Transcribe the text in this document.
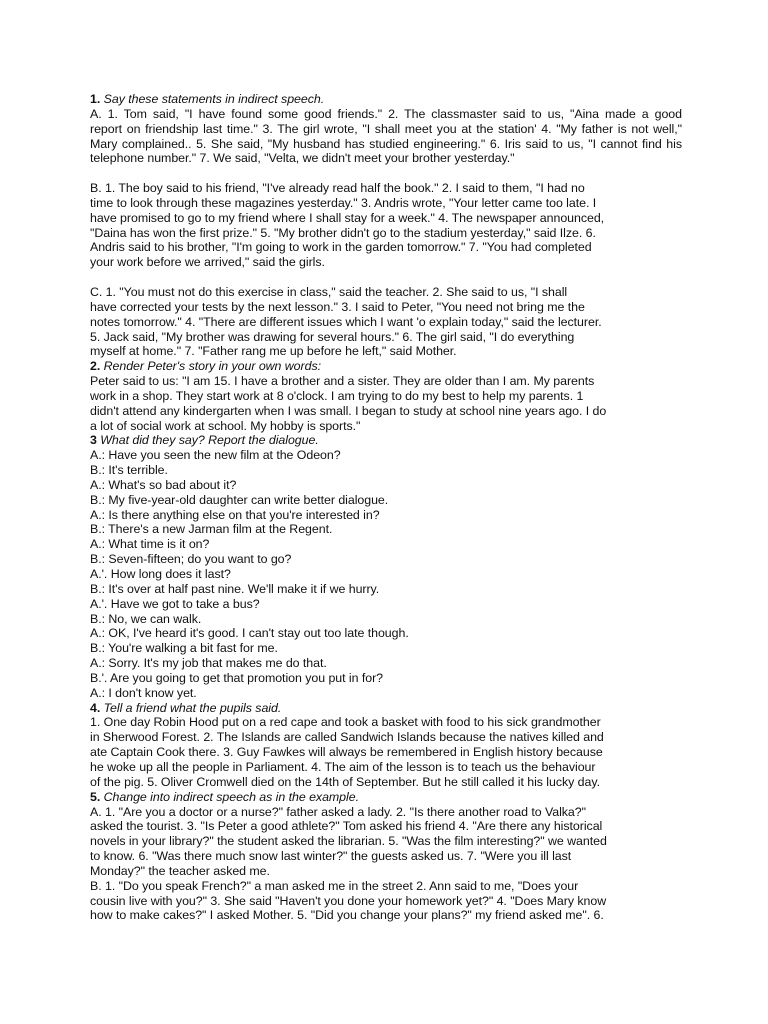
1. Say these statements in indirect speech.
A. 1. Tom said, "I have found some good friends." 2. The classmaster said to us, "Aina made a good
report on friendship last time." 3. The girl wrote, "I shall meet you at the station' 4. "My father is not well,"
Mary complained.. 5. She said, "My husband has studied engineering." 6. Iris said to us, "I cannot find his
telephone number." 7. We said, "Velta, we didn't meet your brother yesterday."
B. 1. The boy said to his friend, "I've already read half the book." 2. I said to them, "I had no
time to look through these magazines yesterday." 3. Andris wrote, "Your letter came too late. I
have promised to go to my friend where I shall stay for a week." 4. The newspaper announced,
"Daina has won the first prize." 5. "My brother didn't go to the stadium yesterday," said Ilze. 6.
Andris said to his brother, "I'm going to work in the garden tomorrow." 7. "You had completed
your work before we arrived," said the girls.
C. 1. "You must not do this exercise in class," said the teacher. 2. She said to us, "I shall
have corrected your tests by the next lesson." 3. I said to Peter, "You need not bring me the
notes tomorrow." 4. "There are different issues which I want 'o explain today," said the lecturer.
5. Jack said, "My brother was drawing for several hours." 6. The girl said, "I do everything
myself at home." 7. "Father rang me up before he left," said Mother.
2. Render Peter's story in your own words:
Peter said to us: "I am 15. I have a brother and a sister. They are older than I am. My parents
work in a shop. They start work at 8 o'clock. I am trying to do my best to help my parents. 1
didn't attend any kindergarten when I was small. I began to study at school nine years ago. I do
a lot of social work at school. My hobby is sports."
3 What did they say? Report the dialogue.
A.: Have you seen the new film at the Odeon?
B.: It's terrible.
A.: What's so bad about it?
B.: My five-year-old daughter can write better dialogue.
A.: Is there anything else on that you're interested in?
B.: There's a new Jarman film at the Regent.
A.: What time is it on?
B.: Seven-fifteen; do you want to go?
A.'. How long does it last?
B.: It's over at half past nine. We'll make it if we hurry.
A.'. Have we got to take a bus?
B.: No, we can walk.
A.: OK, I've heard it's good. I can't stay out too late though.
B.: You're walking a bit fast for me.
A.: Sorry. It's my job that makes me do that.
B.'. Are you going to get that promotion you put in for?
A.: I don't know yet.
4. Tell a friend what the pupils said.
1. One day Robin Hood put on a red cape and took a basket with food to his sick grandmother
in Sherwood Forest. 2. The Islands are called Sandwich Islands because the natives killed and
ate Captain Cook there. 3. Guy Fawkes will always be remembered in English history because
he woke up all the people in Parliament. 4. The aim of the lesson is to teach us the behaviour
of the pig. 5. Oliver Cromwell died on the 14th of September. But he still called it his lucky day.
5. Change into indirect speech as in the example.
A. 1. "Are you a doctor or a nurse?" father asked a lady. 2. "Is there another road to Valka?"
asked the tourist. 3. "Is Peter a good athlete?" Tom asked his friend 4. "Are there any historical
novels in your library?" the student asked the librarian. 5. "Was the film interesting?" we wanted
to know. 6. "Was there much snow last winter?" the guests asked us. 7. "Were you ill last
Monday?" the teacher asked me.
B. 1. "Do you speak French?" a man asked me in the street 2. Ann said to me, "Does your
cousin live with you?" 3. She said "Haven't you done your homework yet?" 4. "Does Mary know
how to make cakes?" I asked Mother. 5. "Did you change your plans?" my friend asked me". 6.
